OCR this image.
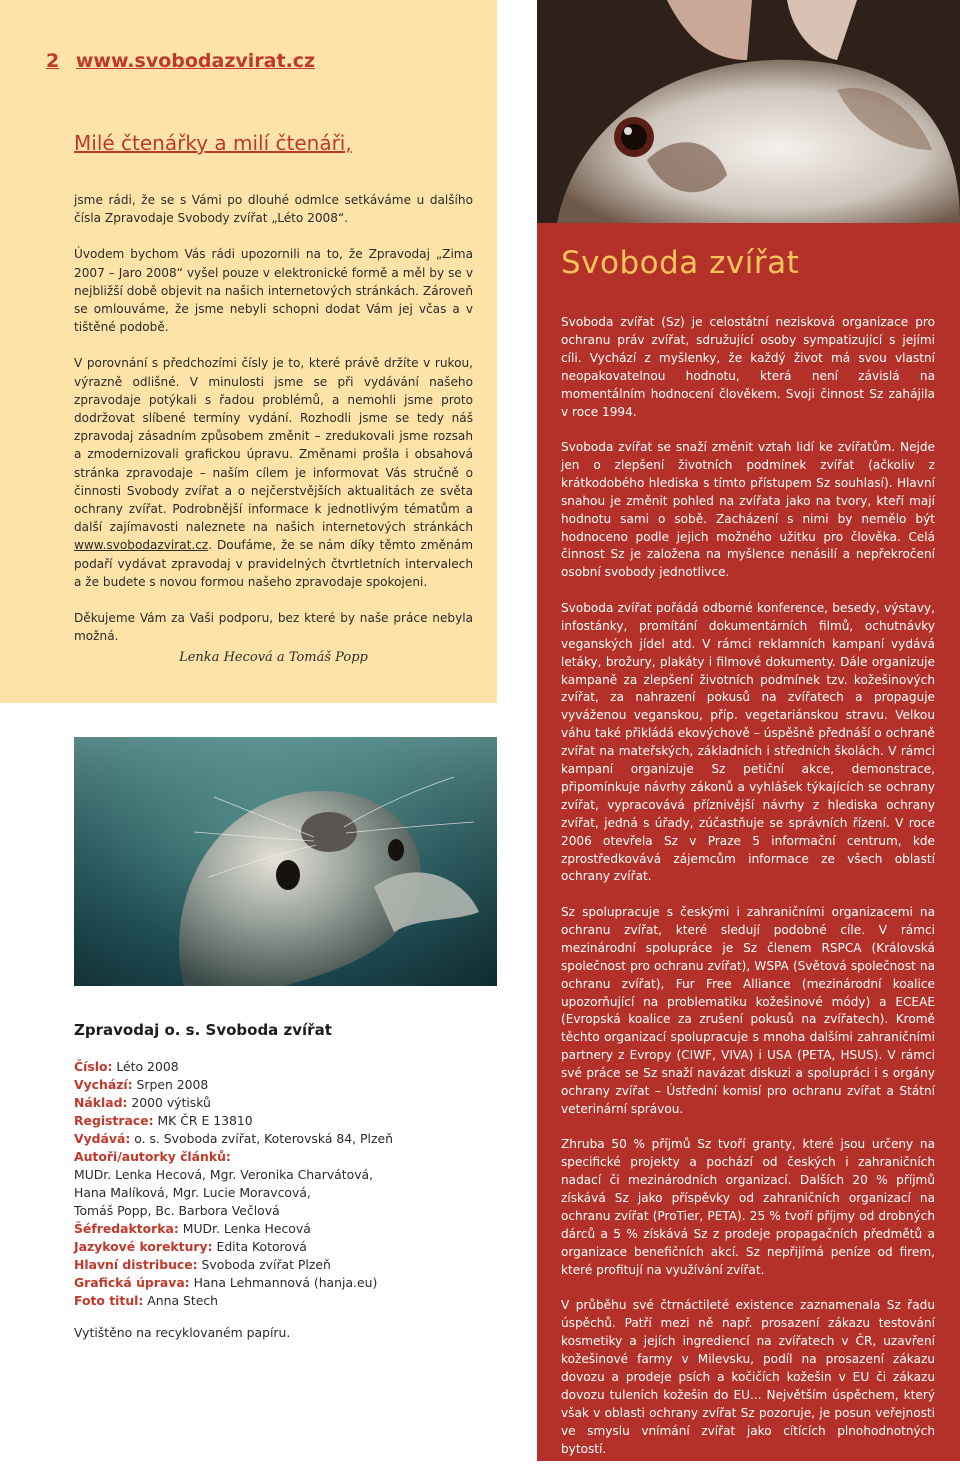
2 www.svobodazvirat.cz
Milé čtenářky a milí čtenáři,

jsme rádi, že se s Vámi po dlouhé odmlce setkáváme u dalšího čísla Zpravodaje Svobody zvířat „Léto 2008“.

Úvodem bychom Vás rádi upozornili na to, že Zpravodaj „Zima 2007 – Jaro 2008“ vyšel pouze v elektronické formě a měl by se v nejbližší době objevit na našich internetových stránkách. Zároveň se omlouváme, že jsme nebyli schopni dodat Vám jej včas a v tištěné podobě.

V porovnání s předchozími čísly je to, které právě držíte v rukou, výrazně odlišné. V minulosti jsme se při vydávání našeho zpravodaje potýkali s řadou problémů, a nemohli jsme proto dodržovat slíbené termíny vydání. Rozhodli jsme se tedy náš zpravodaj zásadním způsobem změnit – zredukovali jsme rozsah a zmodernizovali grafickou úpravu. Změnami prošla i obsahová stránka zpravodaje – naším cílem je informovat Vás stručně o činnosti Svobody zvířat a o nejčerstvějších aktualitách ze světa ochrany zvířat. Podrobnější informace k jednotlivým tématům a další zajímavosti naleznete na našich internetových stránkách www.svobodazvirat.cz. Doufáme, že se nám díky těmto změnám podaří vydávat zpravodaj v pravidelných čtvrtletních intervalech a že budete s novou formou našeho zpravodaje spokojeni.

Děkujeme Vám za Vaši podporu, bez které by naše práce nebyla možná.

Lenka Hecová a Tomáš Popp
Zpravodaj o. s. Svoboda zvířat

Číslo: Léto 2008

Vychází: Srpen 2008

Náklad: 2000 výtisků

Registrace: MK ČR E 13810

Vydává: o. s. Svoboda zvířat, Koterovská 84, Plzeň

Autoři/autorky článků:

MUDr. Lenka Hecová, Mgr. Veronika Charvátová,

Hana Malíková, Mgr. Lucie Moravcová,

Tomáš Popp, Bc. Barbora Večlová

Šéfredaktorka: MUDr. Lenka Hecová

Jazykové korektury: Edita Kotorová

Hlavní distribuce: Svoboda zvířat Plzeň

Grafická úprava: Hana Lehmannová (hanja.eu)

Foto titul: Anna Stech

Vytištěno na recyklovaném papíru.

Svoboda zvířat

Svoboda zvířat (Sz) je celostátní nezisková organizace pro ochranu práv zvířat, sdružující osoby sympatizující s jejími cíli. Vychází z myšlenky, že každý život má svou vlastní neopakovatelnou hodnotu, která není závislá na momentálním hodnocení člověkem. Svoji činnost Sz zahájila v roce 1994.

Svoboda zvířat se snaží změnit vztah lidí ke zvířatům. Nejde jen o zlepšení životních podmínek zvířat (ačkoliv z krátkodobého hlediska s tímto přístupem Sz souhlasí). Hlavní snahou je změnit pohled na zvířata jako na tvory, kteří mají hodnotu sami o sobě. Zacházení s nimi by nemělo být hodnoceno podle jejich možného užitku pro člověka. Celá činnost Sz je založena na myšlence nenásilí a nepřekročení osobní svobody jednotlivce.

Svoboda zvířat pořádá odborné konference, besedy, výstavy, infostánky, promítání dokumentárních filmů, ochutnávky veganských jídel atd. V rámci reklamních kampaní vydává letáky, brožury, plakáty i filmové dokumenty. Dále organizuje kampaně za zlepšení životních podmínek tzv. kožešinových zvířat, za nahrazení pokusů na zvířatech a propaguje vyváženou veganskou, příp. vegetariánskou stravu. Velkou váhu také přikládá ekovýchově – úspěšně přednáší o ochraně zvířat na mateřských, základních i středních školách. V rámci kampaní organizuje Sz petiční akce, demonstrace, připomínkuje návrhy zákonů a vyhlášek týkajících se ochrany zvířat, vypracovává příznivější návrhy z hlediska ochrany zvířat, jedná s úřady, zúčastňuje se správních řízení. V roce 2006 otevřela Sz v Praze 5 informační centrum, kde zprostředkovává zájemcům informace ze všech oblastí ochrany zvířat.

Sz spolupracuje s českými i zahraničními organizacemi na ochranu zvířat, které sledují podobné cíle. V rámci mezinárodní spolupráce je Sz členem RSPCA (Královská společnost pro ochranu zvířat), WSPA (Světová společnost na ochranu zvířat), Fur Free Alliance (mezinárodní koalice upozorňující na problematiku kožešinové módy) a ECEAE (Evropská koalice za zrušení pokusů na zvířatech). Kromě těchto organizací spolupracuje s mnoha dalšími zahraničními partnery z Evropy (CIWF, VIVA) i USA (PETA, HSUS). V rámci své práce se Sz snaží navázat diskuzi a spolupráci i s orgány ochrany zvířat – Ústřední komisí pro ochranu zvířat a Státní veterinární správou.

Zhruba 50 % příjmů Sz tvoří granty, které jsou určeny na specifické projekty a pochází od českých i zahraničních nadací či mezinárodních organizací. Dalších 20 % příjmů získává Sz jako příspěvky od zahraničních organizací na ochranu zvířat (ProTier, PETA). 25 % tvoří příjmy od drobných dárců a 5 % získává Sz z prodeje propagačních předmětů a organizace benefičních akcí. Sz nepřijímá peníze od firem, které profitují na využívání zvířat.

V průběhu své čtrnáctileté existence zaznamenala Sz řadu úspěchů. Patří mezi ně např. prosazení zákazu testování kosmetiky a jejích ingrediencí na zvířatech v ČR, uzavření kožešinové farmy v Milevsku, podíl na prosazení zákazu dovozu a prodeje psích a kočičích kožešin v EU či zákazu dovozu tuleních kožešin do EU... Největším úspěchem, který však v oblasti ochrany zvířat Sz pozoruje, je posun veřejnosti ve smyslu vnímání zvířat jako cítících plnohodnotných bytostí.
